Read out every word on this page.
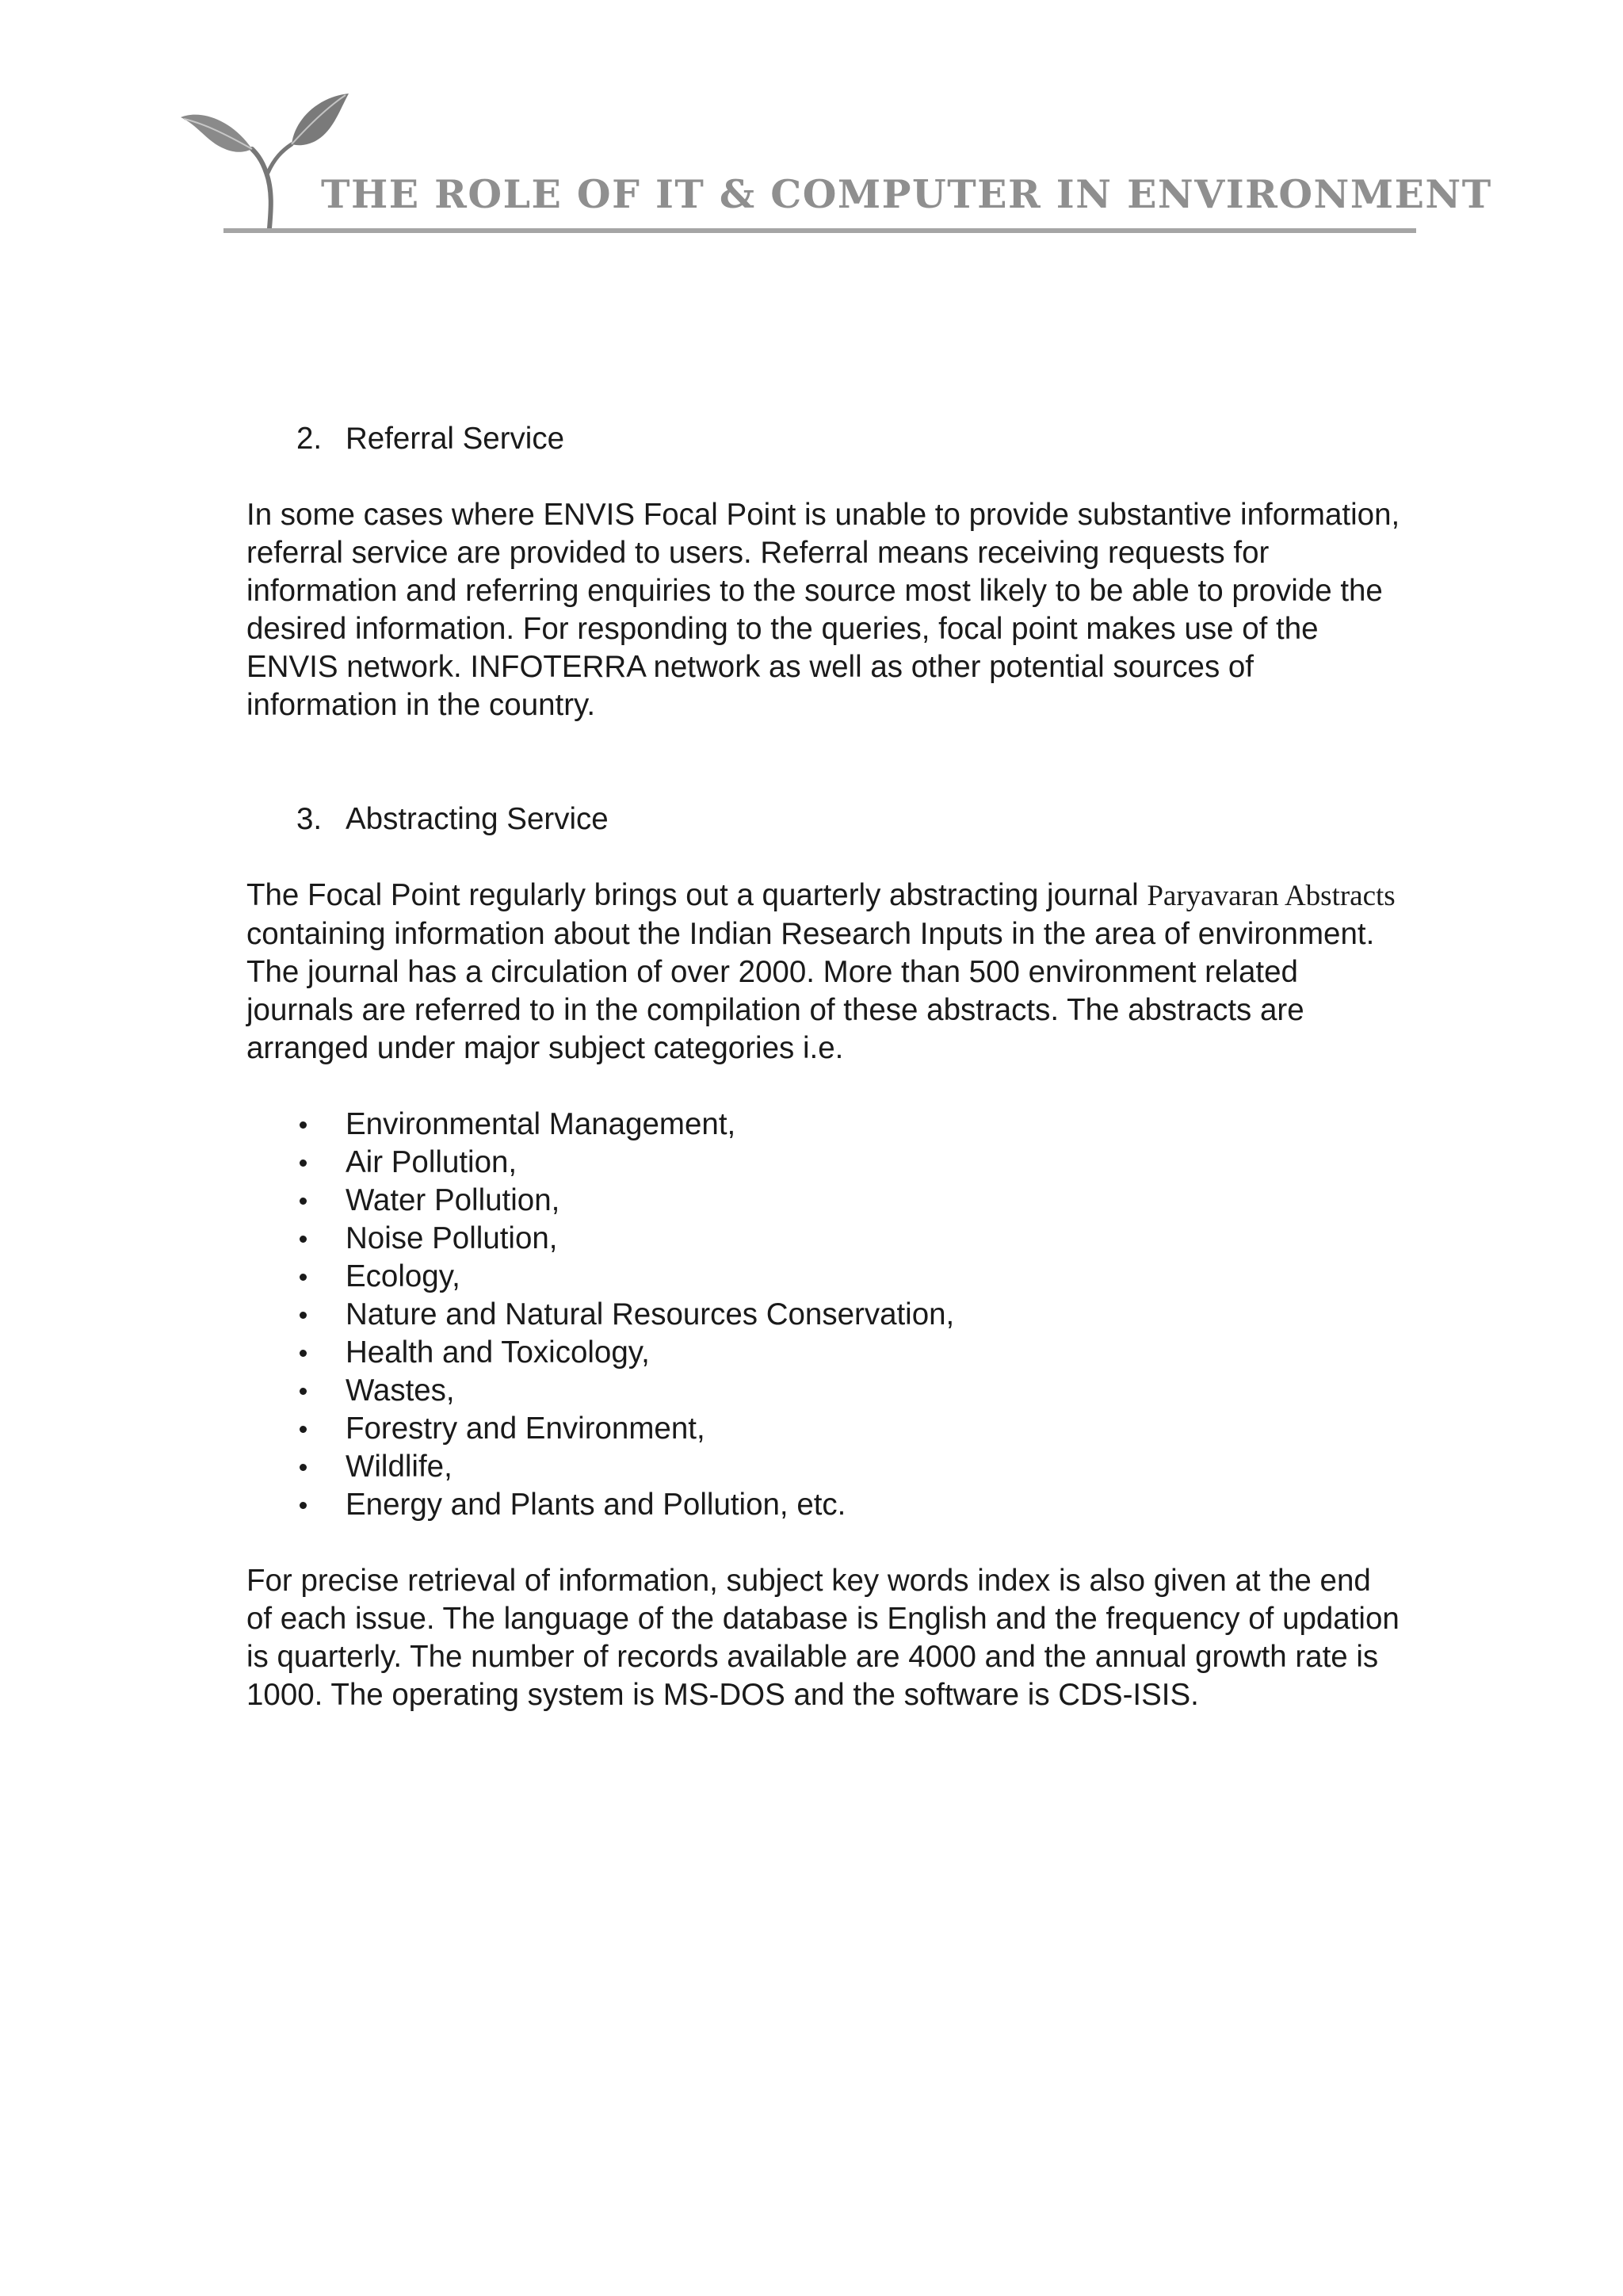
THE ROLE OF IT & COMPUTER IN ENVIRONMENT
2. Referral Service

In some cases where ENVIS Focal Point is unable to provide substantive information, referral service are provided to users. Referral means receiving requests for information and referring enquiries to the source most likely to be able to provide the desired information. For responding to the queries, focal point makes use of the ENVIS network. INFOTERRA network as well as other potential sources of information in the country.

3. Abstracting Service

The Focal Point regularly brings out a quarterly abstracting journal Paryavaran Abstracts containing information about the Indian Research Inputs in the area of environment. The journal has a circulation of over 2000. More than 500 environment related journals are referred to in the compilation of these abstracts. The abstracts are arranged under major subject categories i.e.

Environmental Management,
Air Pollution,
Water Pollution,
Noise Pollution,
Ecology,
Nature and Natural Resources Conservation,
Health and Toxicology,
Wastes,
Forestry and Environment,
Wildlife,
Energy and Plants and Pollution, etc.

For precise retrieval of information, subject key words index is also given at the end of each issue. The language of the database is English and the frequency of updation is quarterly. The number of records available are 4000 and the annual growth rate is 1000. The operating system is MS-DOS and the software is CDS-ISIS.
